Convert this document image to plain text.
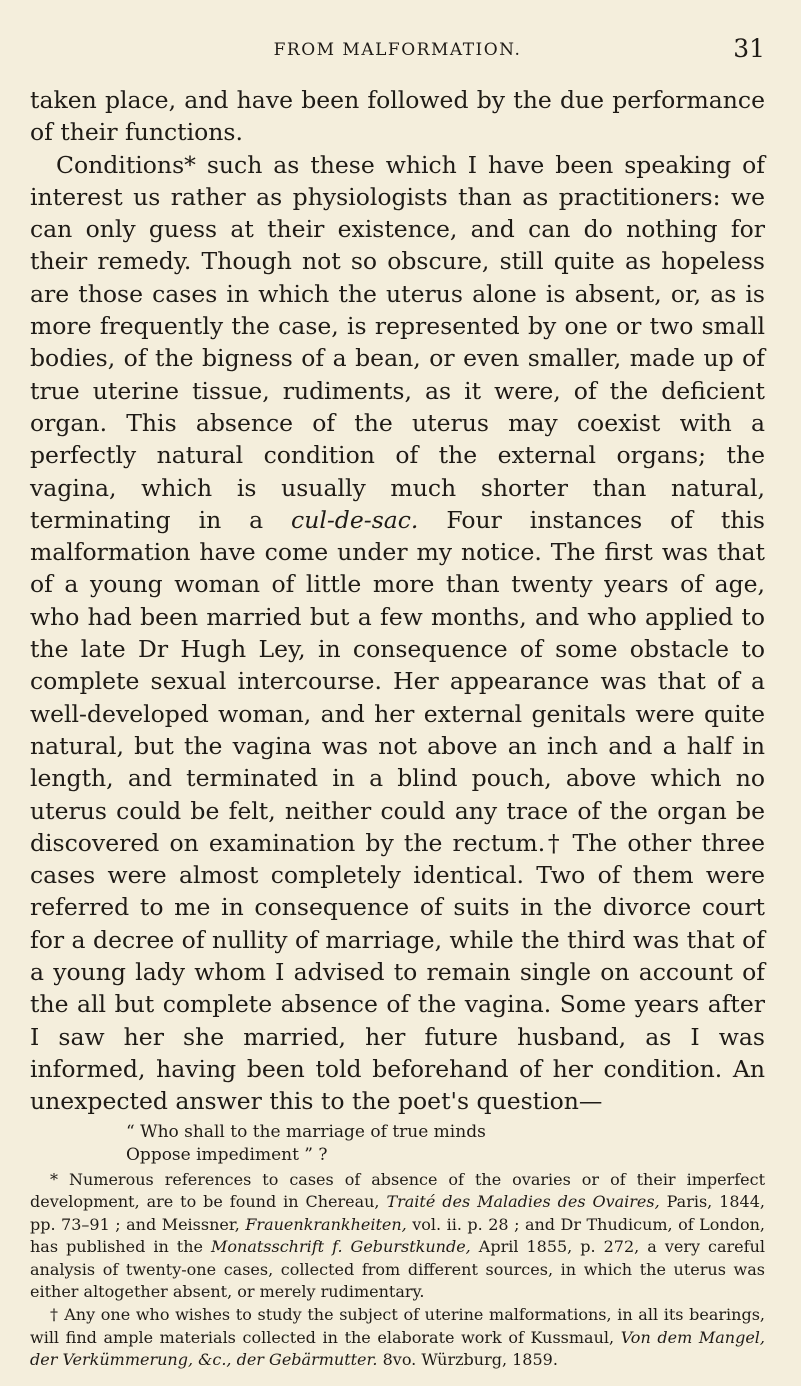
FROM MALFORMATION.	31

taken place, and have been followed by the due performance of their functions.

Conditions* such as these which I have been speaking of interest us rather as physiologists than as practitioners: we can only guess at their existence, and can do nothing for their remedy. Though not so obscure, still quite as hopeless are those cases in which the uterus alone is absent, or, as is more frequently the case, is represented by one or two small bodies, of the bigness of a bean, or even smaller, made up of true uterine tissue, rudiments, as it were, of the deficient organ. This absence of the uterus may coexist with a perfectly natural condition of the external organs; the vagina, which is usually much shorter than natural, terminating in a cul-de-sac. Four instances of this malformation have come under my notice. The first was that of a young woman of little more than twenty years of age, who had been married but a few months, and who applied to the late Dr Hugh Ley, in consequence of some obstacle to complete sexual intercourse. Her appearance was that of a well-developed woman, and her external genitals were quite natural, but the vagina was not above an inch and a half in length, and terminated in a blind pouch, above which no uterus could be felt, neither could any trace of the organ be discovered on examination by the rectum.† The other three cases were almost completely identical. Two of them were referred to me in consequence of suits in the divorce court for a decree of nullity of marriage, while the third was that of a young lady whom I advised to remain single on account of the all but complete absence of the vagina. Some years after I saw her she married, her future husband, as I was informed, having been told beforehand of her condition. An unexpected answer this to the poet's question—

“ Who shall to the marriage of true minds
Oppose impediment ” ?

* Numerous references to cases of absence of the ovaries or of their imperfect development, are to be found in Chereau, Traité des Maladies des Ovaires, Paris, 1844, pp. 73–91 ; and Meissner, Frauenkrankheiten, vol. ii. p. 28 ; and Dr Thudicum, of London, has published in the Monatsschrift f. Geburstkunde, April 1855, p. 272, a very careful analysis of twenty-one cases, collected from different sources, in which the uterus was either altogether absent, or merely rudimentary.

† Any one who wishes to study the subject of uterine malformations, in all its bearings, will find ample materials collected in the elaborate work of Kussmaul, Von dem Mangel, der Verkümmerung, &c., der Gebärmutter. 8vo. Würzburg, 1859.
